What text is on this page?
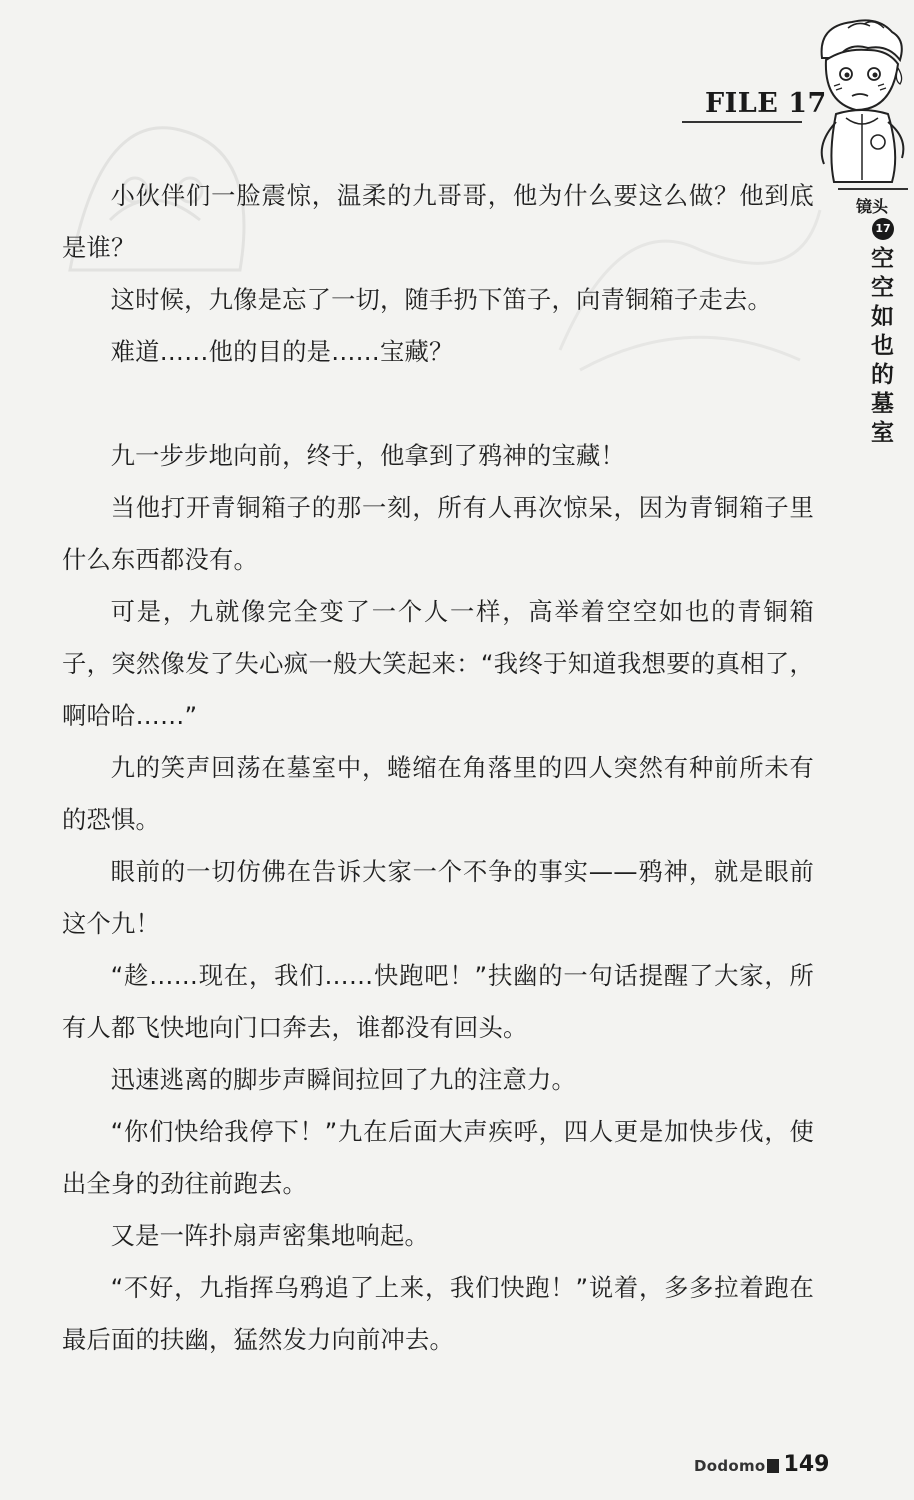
FILE 17
镜头
17
空空如也的墓室

小伙伴们一脸震惊，温柔的九哥哥，他为什么要这么做？他到底是谁？

这时候，九像是忘了一切，随手扔下笛子，向青铜箱子走去。

难道……他的目的是……宝藏？

九一步步地向前，终于，他拿到了鸦神的宝藏！

当他打开青铜箱子的那一刻，所有人再次惊呆，因为青铜箱子里什么东西都没有。

可是，九就像完全变了一个人一样，高举着空空如也的青铜箱子，突然像发了失心疯一般大笑起来：“我终于知道我想要的真相了，啊哈哈……”

九的笑声回荡在墓室中，蜷缩在角落里的四人突然有种前所未有的恐惧。

眼前的一切仿佛在告诉大家一个不争的事实——鸦神，就是眼前这个九！

“趁……现在，我们……快跑吧！”扶幽的一句话提醒了大家，所有人都飞快地向门口奔去，谁都没有回头。

迅速逃离的脚步声瞬间拉回了九的注意力。

“你们快给我停下！”九在后面大声疾呼，四人更是加快步伐，使出全身的劲往前跑去。

又是一阵扑扇声密集地响起。

“不好，九指挥乌鸦追了上来，我们快跑！”说着，多多拉着跑在最后面的扶幽，猛然发力向前冲去。

Dodomo 149
